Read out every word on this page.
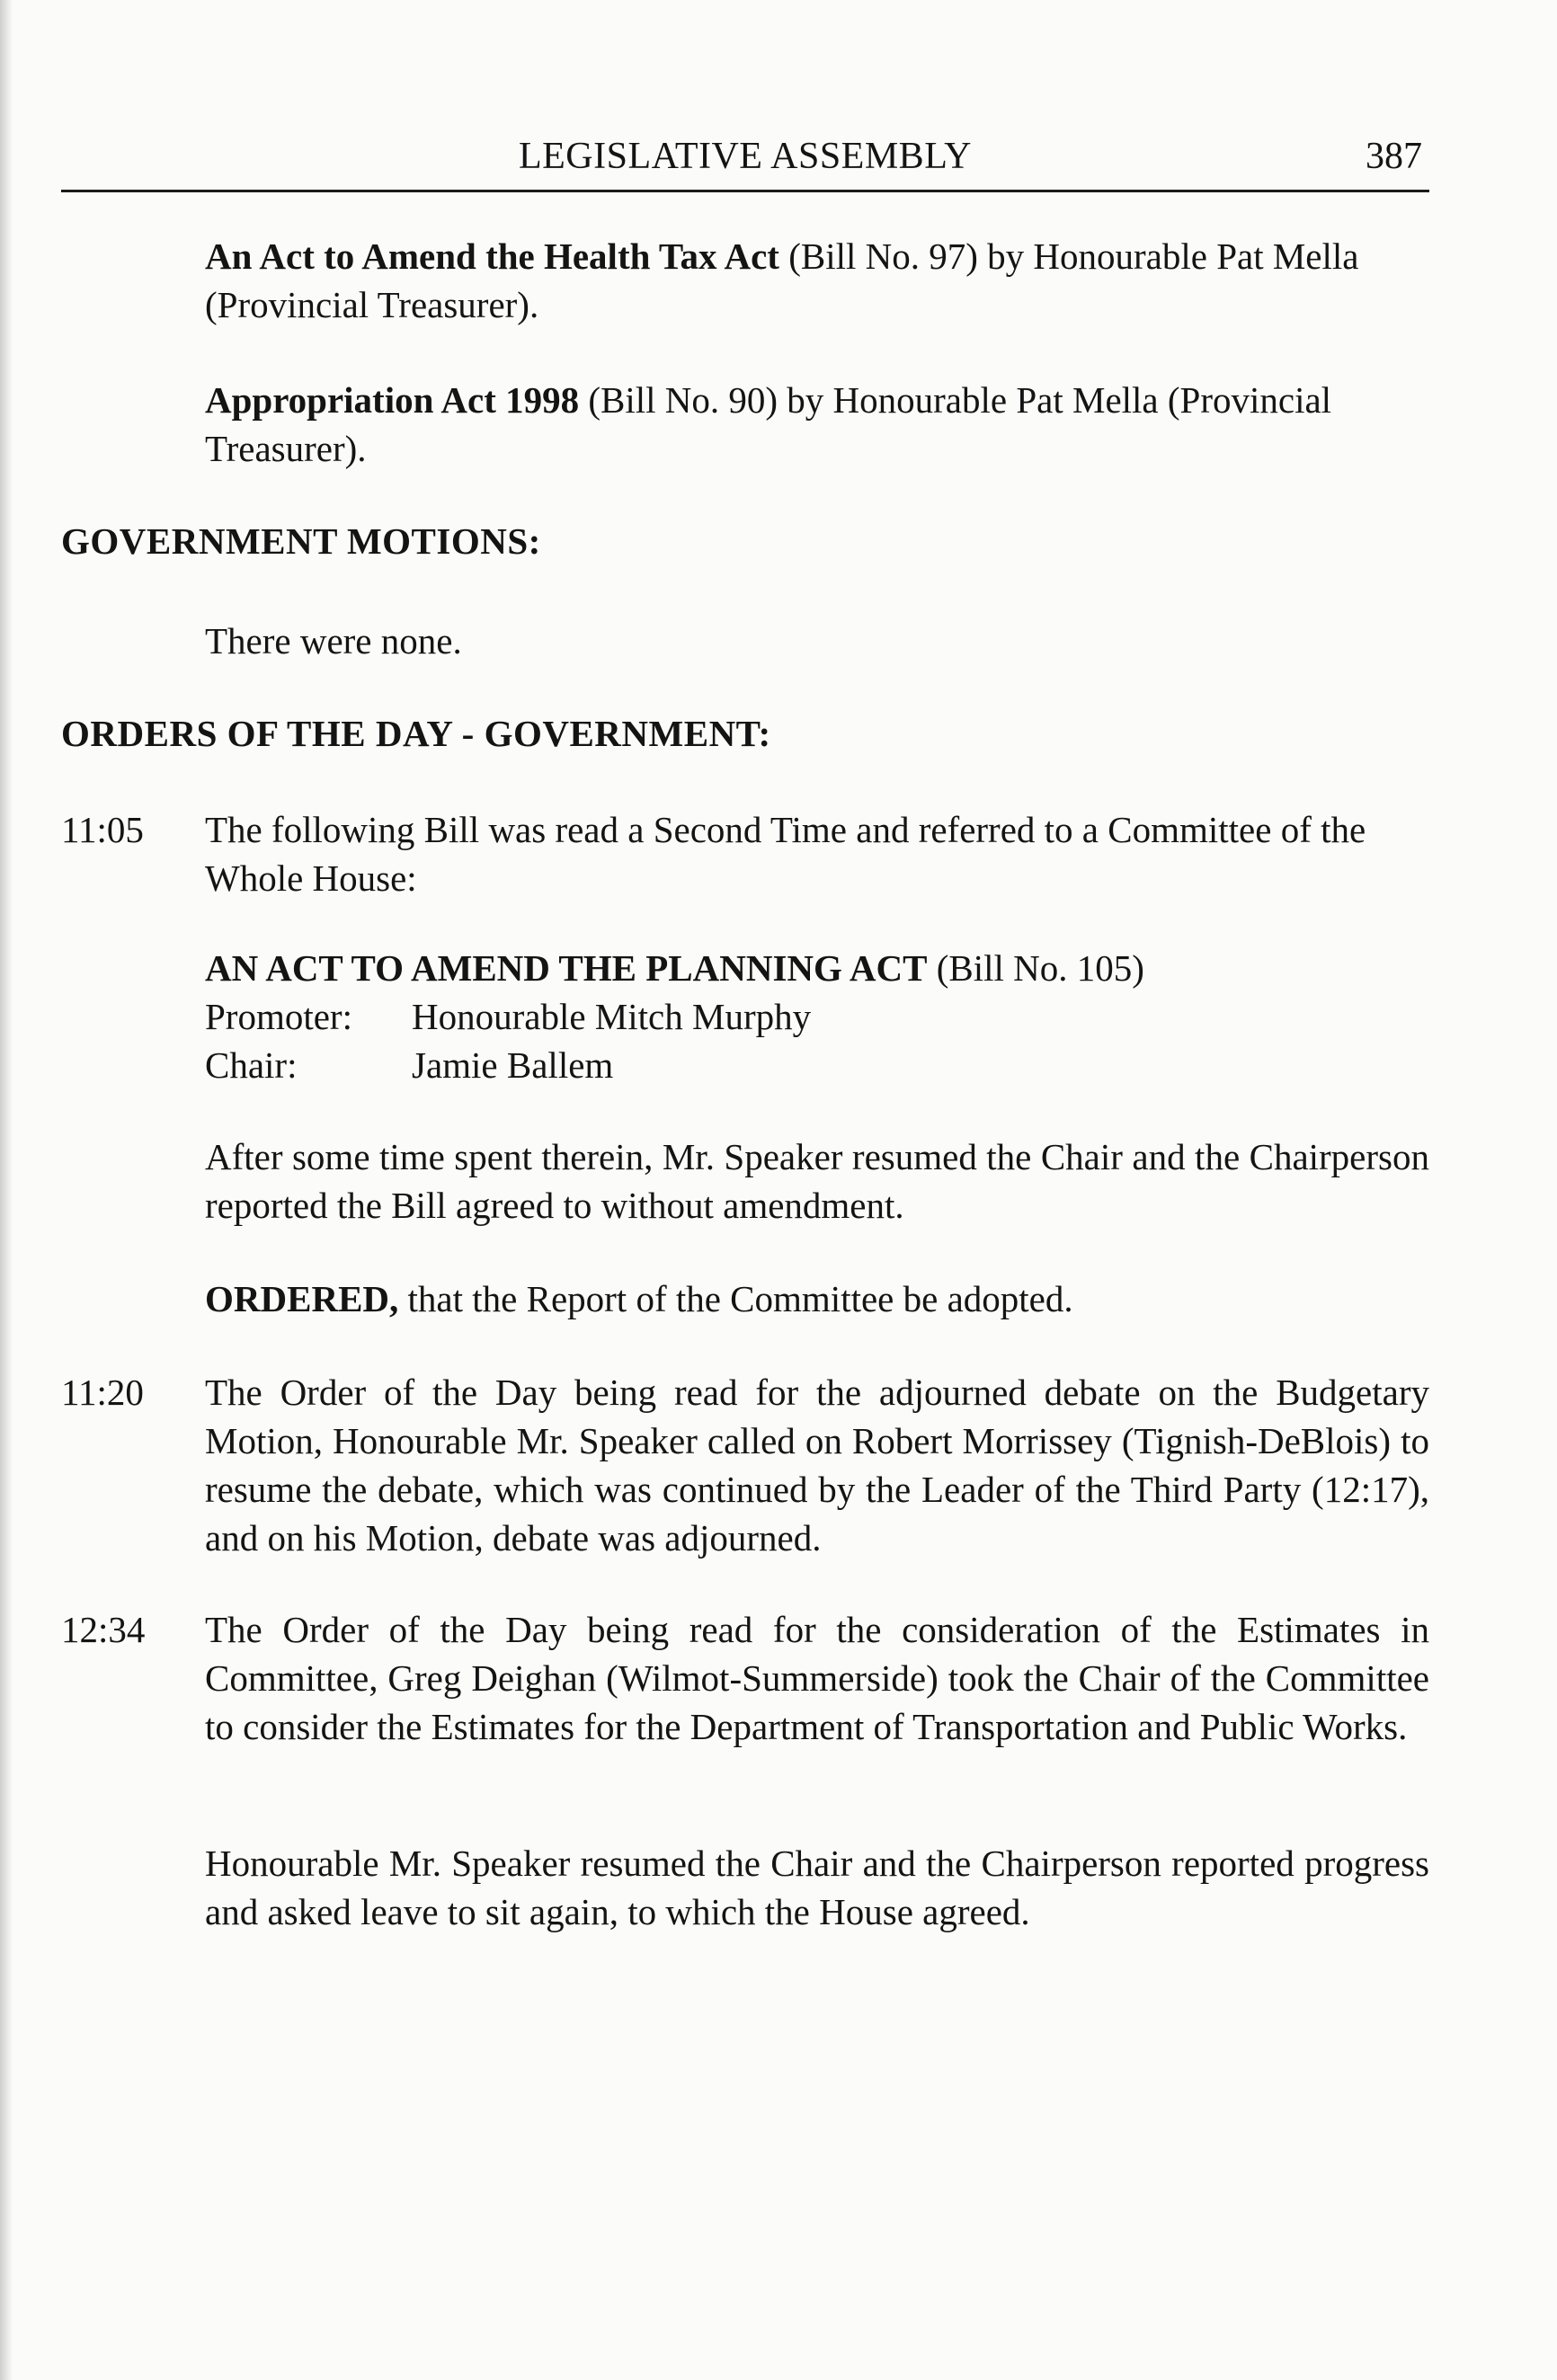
LEGISLATIVE ASSEMBLY	387

An Act to Amend the Health Tax Act (Bill No. 97) by Honourable Pat Mella (Provincial Treasurer).

Appropriation Act 1998 (Bill No. 90) by Honourable Pat Mella (Provincial Treasurer).

GOVERNMENT MOTIONS:

There were none.

ORDERS OF THE DAY - GOVERNMENT:
11:05 The following Bill was read a Second Time and referred to a Committee of the Whole House:

AN ACT TO AMEND THE PLANNING ACT (Bill No. 105)
Promoter: Honourable Mitch Murphy
Chair:	Jamie Ballem

After some time spent therein, Mr. Speaker resumed the Chair and the Chairperson reported the Bill agreed to without amendment.

ORDERED, that the Report of the Committee be adopted.

11:20 The Order of the Day being read for the adjourned debate on the Budgetary Motion, Honourable Mr. Speaker called on Robert Morrissey (Tignish-DeBlois) to resume the debate, which was continued by the Leader of the Third Party (12:17), and on his Motion, debate was adjourned.

12:34 The Order of the Day being read for the consideration of the Estimates in Committee, Greg Deighan (Wilmot-Summerside) took the Chair of the Committee to consider the Estimates for the Department of Transportation and Public Works.

Honourable Mr. Speaker resumed the Chair and the Chairperson reported progress and asked leave to sit again, to which the House agreed.
